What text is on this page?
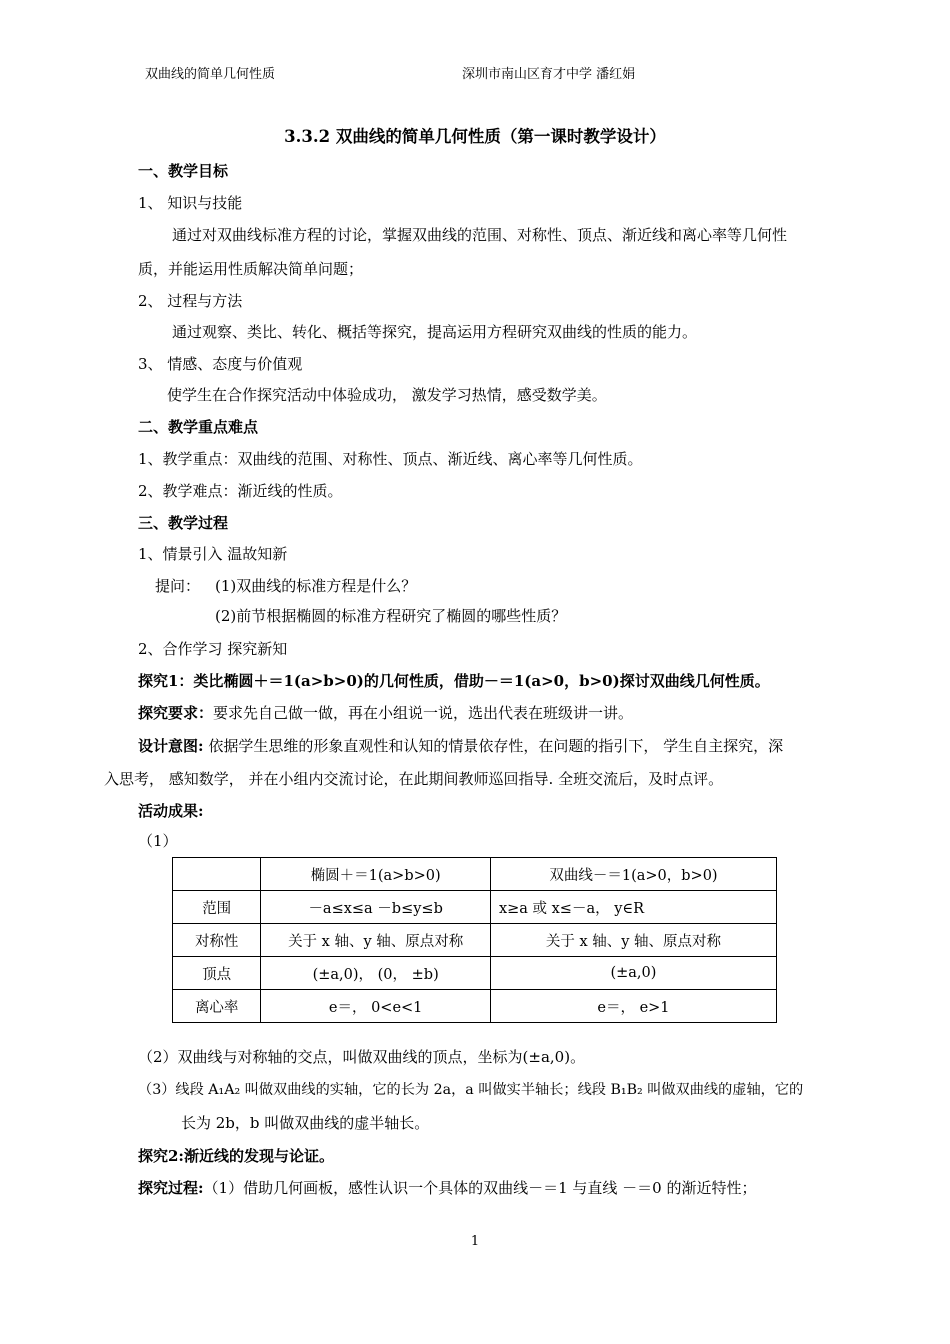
双曲线的简单几何性质	深圳市南山区育才中学 潘红娟
3.3.2 双曲线的简单几何性质（第一课时教学设计）
一、教学目标
1、 知识与技能
通过对双曲线标准方程的讨论，掌握双曲线的范围、对称性、顶点、渐近线和离心率等几何性
质，并能运用性质解决简单问题；
2、 过程与方法
通过观察、类比、转化、概括等探究，提高运用方程研究双曲线的性质的能力。
3、 情感、态度与价值观
使学生在合作探究活动中体验成功， 激发学习热情，感受数学美。
二、教学重点难点
1、教学重点：双曲线的范围、对称性、顶点、渐近线、离心率等几何性质。
2、教学难点：渐近线的性质。
三、教学过程
1、情景引入 温故知新
提问： (1)双曲线的标准方程是什么？
(2)前节根据椭圆的标准方程研究了椭圆的哪些性质？
2、合作学习 探究新知
探究1：类比椭圆＋＝1(a>b>0)的几何性质，借助－＝1(a>0，b>0)探讨双曲线几何性质。
探究要求：要求先自己做一做，再在小组说一说，选出代表在班级讲一讲。
设计意图: 依据学生思维的形象直观性和认知的情景依存性，在问题的指引下， 学生自主探究，深
入思考， 感知数学， 并在小组内交流讨论，在此期间教师巡回指导. 全班交流后，及时点评。
活动成果:
（1）
	椭圆＋＝1(a>b>0)	双曲线－＝1(a>0，b>0)
范围	－a≤x≤a －b≤y≤b	x≥a 或 x≤－a， y∈R
对称性	关于 x 轴、y 轴、原点对称	关于 x 轴、y 轴、原点对称
顶点	(±a,0)， (0， ±b)	(±a,0)
离心率	e＝， 0<e<1	e＝， e>1
（2）双曲线与对称轴的交点，叫做双曲线的顶点，坐标为(±a,0)。
（3）线段 A₁A₂ 叫做双曲线的实轴，它的长为 2a，a 叫做实半轴长；线段 B₁B₂ 叫做双曲线的虚轴，它的
长为 2b，b 叫做双曲线的虚半轴长。
探究2:渐近线的发现与论证。
探究过程:（1）借助几何画板，感性认识一个具体的双曲线－＝1 与直线 －＝0 的渐近特性；
1
